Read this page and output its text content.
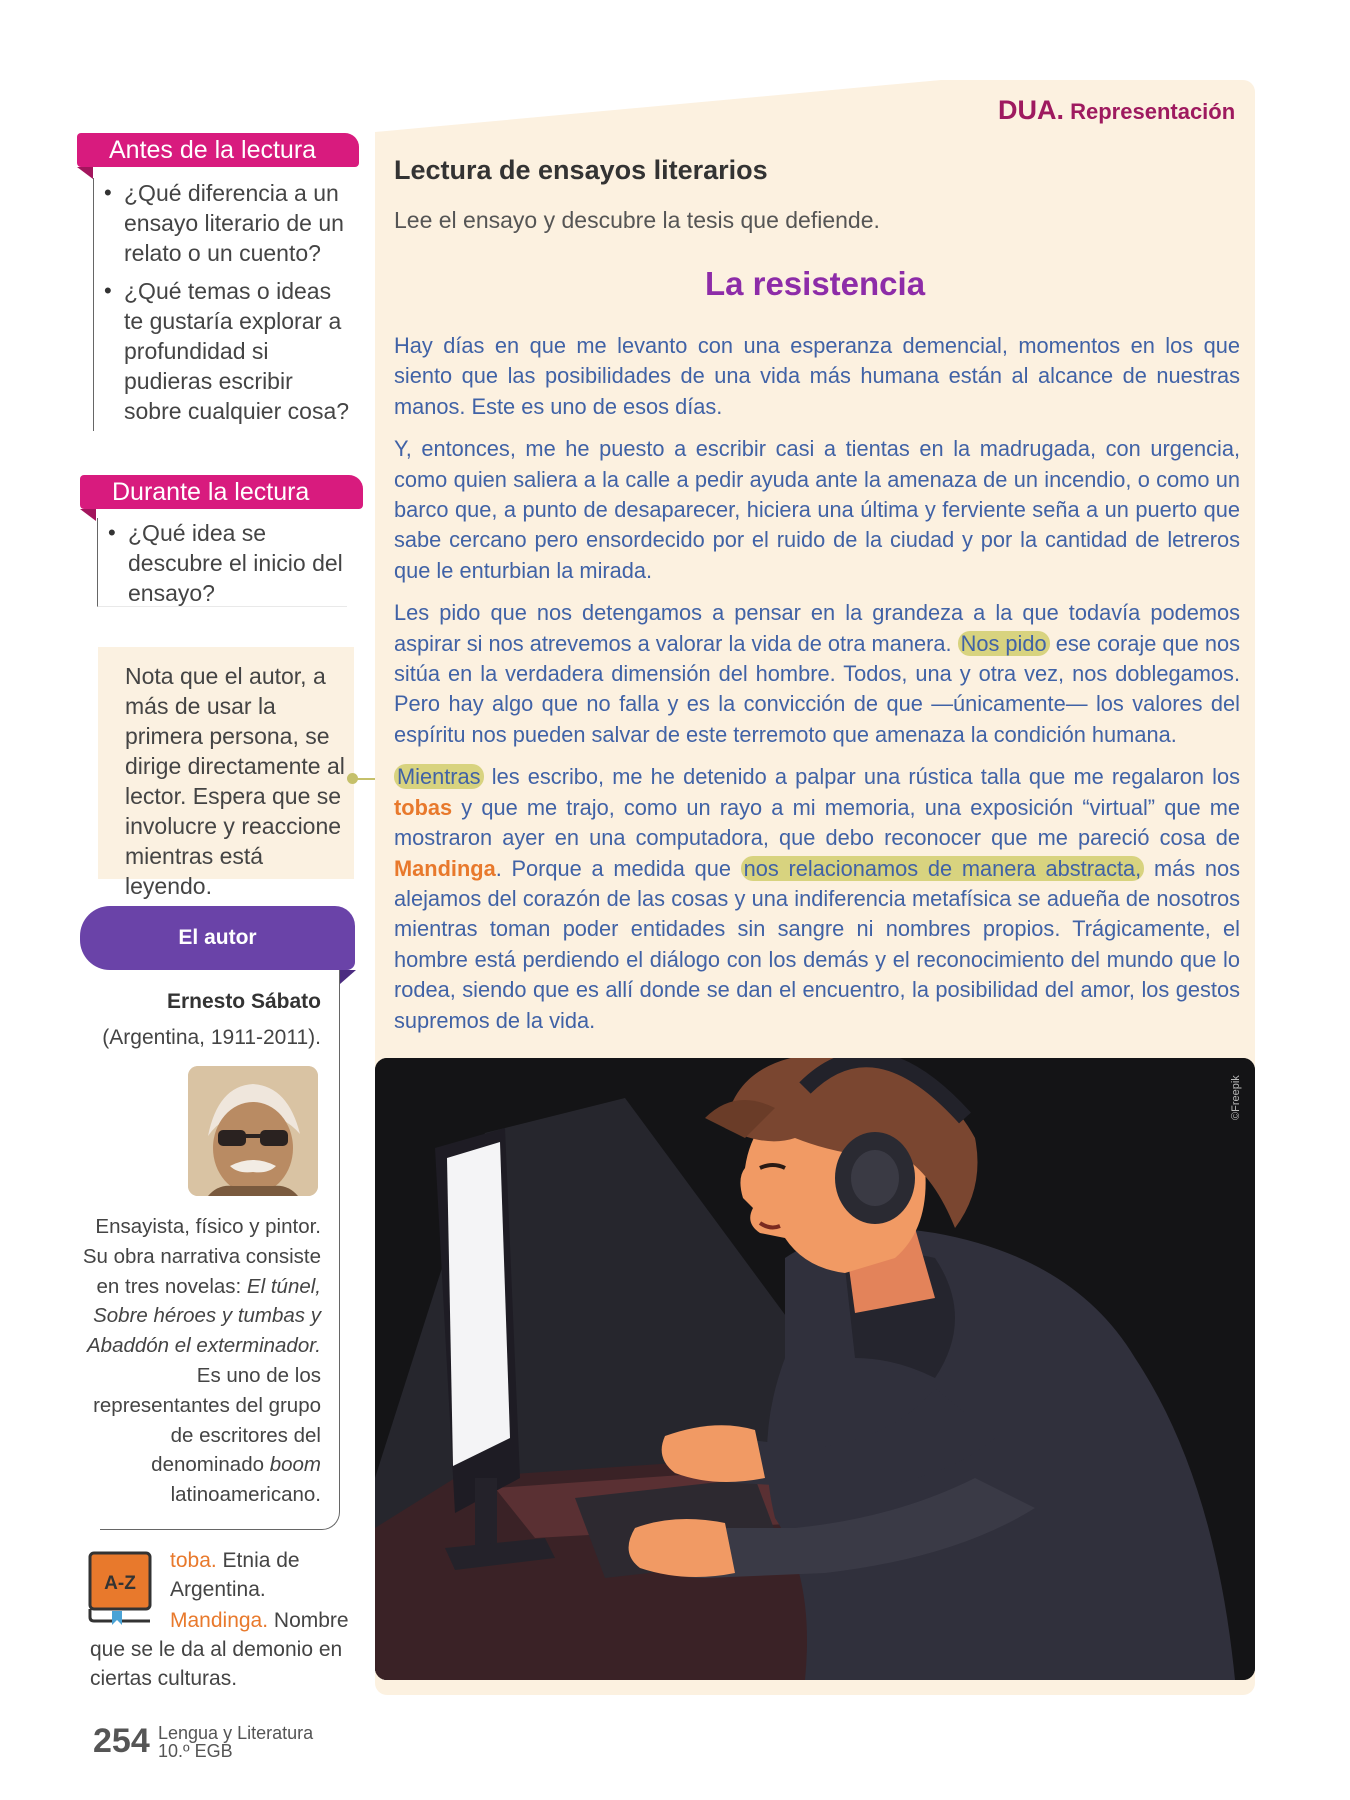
Antes de la lectura
• ¿Qué diferencia a un ensayo literario de un relato o un cuento?
• ¿Qué temas o ideas te gustaría explorar a profundidad si pudieras escribir sobre cualquier cosa?
Durante la lectura
• ¿Qué idea se descubre el inicio del ensayo?
Nota que el autor, a más de usar la primera persona, se dirige directamente al lector. Espera que se involucre y reaccione mientras está leyendo.
El autor
Ernesto Sábato
(Argentina, 1911-2011).
Ensayista, físico y pintor. Su obra narrativa consiste en tres novelas: El túnel, Sobre héroes y tumbas y Abaddón el exterminador. Es uno de los representantes del grupo de escritores del denominado boom latinoamericano.
A-Z
toba. Etnia de Argentina.
Mandinga. Nombre que se le da al demonio en ciertas culturas.
254 Lengua y Literatura
10.º EGB
DUA. Representación
Lectura de ensayos literarios
Lee el ensayo y descubre la tesis que defiende.
La resistencia

Hay días en que me levanto con una esperanza demencial, momentos en los que siento que las posibilidades de una vida más humana están al alcance de nuestras manos. Este es uno de esos días.

Y, entonces, me he puesto a escribir casi a tientas en la madrugada, con urgencia, como quien saliera a la calle a pedir ayuda ante la amenaza de un incendio, o como un barco que, a punto de desaparecer, hiciera una última y ferviente seña a un puerto que sabe cercano pero ensordecido por el ruido de la ciudad y por la cantidad de letreros que le enturbian la mirada.

Les pido que nos detengamos a pensar en la grandeza a la que todavía podemos aspirar si nos atrevemos a valorar la vida de otra manera. Nos pido ese coraje que nos sitúa en la verdadera dimensión del hombre. Todos, una y otra vez, nos doblegamos. Pero hay algo que no falla y es la convicción de que —únicamente— los valores del espíritu nos pueden salvar de este terremoto que amenaza la condición humana.

Mientras les escribo, me he detenido a palpar una rústica talla que me regalaron los tobas y que me trajo, como un rayo a mi memoria, una exposición “virtual” que me mostraron ayer en una computadora, que debo reconocer que me pareció cosa de Mandinga. Porque a medida que nos relacionamos de manera abstracta, más nos alejamos del corazón de las cosas y una indiferencia metafísica se adueña de nosotros mientras toman poder entidades sin sangre ni nombres propios. Trágicamente, el hombre está perdiendo el diálogo con los demás y el reconocimiento del mundo que lo rodea, siendo que es allí donde se dan el encuentro, la posibilidad del amor, los gestos supremos de la vida.

©Freepik
